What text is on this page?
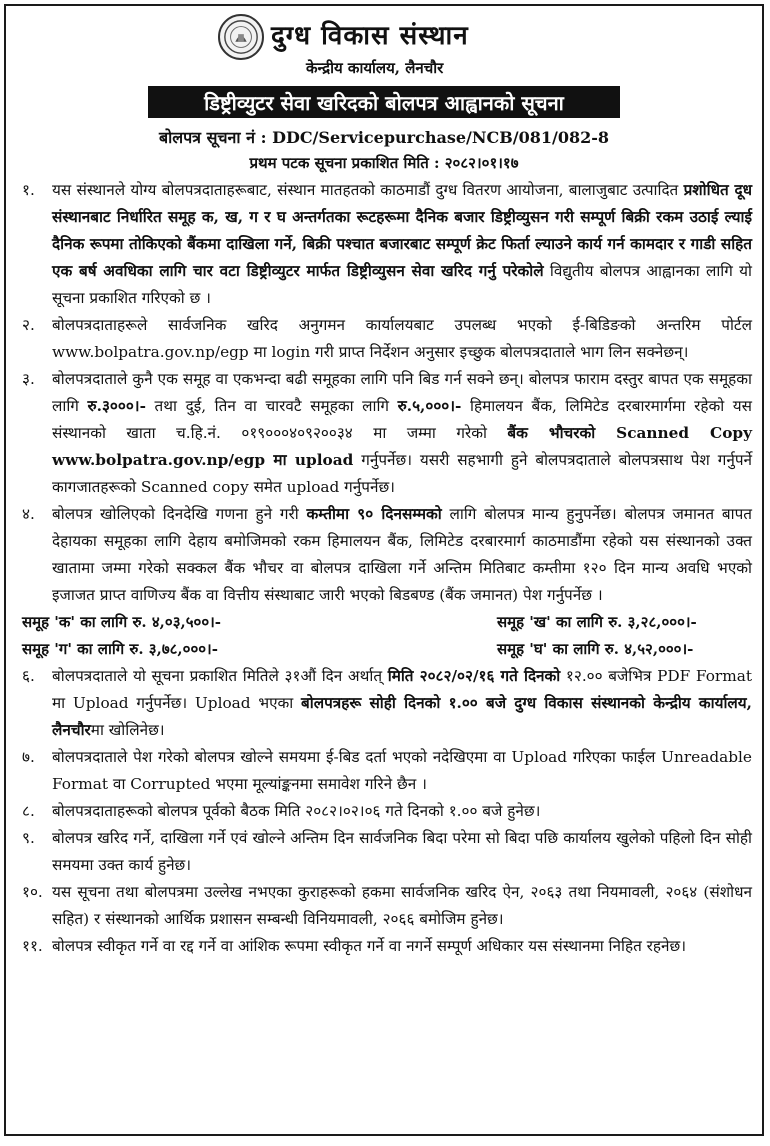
दुग्ध विकास संस्थान
केन्द्रीय कार्यालय, लैनचौर
डिष्ट्रीव्युटर सेवा खरिदको बोलपत्र आह्वानको सूचना
बोलपत्र सूचना नं : DDC/Servicepurchase/NCB/081/082-8
प्रथम पटक सूचना प्रकाशित मिति : २०८२।०१।१७
१.	यस संस्थानले योग्य बोलपत्रदाताहरूबाट, संस्थान मातहतको काठमाडौं दुग्ध वितरण आयोजना, बालाजुबाट उत्पादित प्रशोधित दूध संस्थानबाट निर्धारित समूह क, ख, ग र घ अन्तर्गतका रूटहरूमा दैनिक बजार डिष्ट्रीव्युसन गरी सम्पूर्ण बिक्री रकम उठाई ल्याई दैनिक रूपमा तोकिएको बैंकमा दाखिला गर्ने, बिक्री पश्चात बजारबाट सम्पूर्ण क्रेट फिर्ता ल्याउने कार्य गर्न कामदार र गाडी सहित एक बर्ष अवधिका लागि चार वटा डिष्ट्रीव्युटर मार्फत डिष्ट्रीव्युसन सेवा खरिद गर्नु परेकोले विद्युतीय बोलपत्र आह्वानका लागि यो सूचना प्रकाशित गरिएको छ ।
२.	बोलपत्रदाताहरूले सार्वजनिक खरिद अनुगमन कार्यालयबाट उपलब्ध भएको ई-बिडिङको अन्तरिम पोर्टल www.bolpatra.gov.np/egp मा login गरी प्राप्त निर्देशन अनुसार इच्छुक बोलपत्रदाताले भाग लिन सक्नेछन्।
३.	बोलपत्रदाताले कुनै एक समूह वा एकभन्दा बढी समूहका लागि पनि बिड गर्न सक्ने छन्। बोलपत्र फाराम दस्तुर बापत एक समूहका लागि रु.३०००।- तथा दुई, तिन वा चारवटै समूहका लागि रु.५,०००।- हिमालयन बैंक, लिमिटेड दरबारमार्गमा रहेको यस संस्थानको खाता च.हि.नं. ०१९०००४०९२००३४ मा जम्मा गरेको बैंक भौचरको Scanned Copy www.bolpatra.gov.np/egp मा upload गर्नुपर्नेछ। यसरी सहभागी हुने बोलपत्रदाताले बोलपत्रसाथ पेश गर्नुपर्ने कागजातहरूको Scanned copy समेत upload गर्नुपर्नेछ।
४.	बोलपत्र खोलिएको दिनदेखि गणना हुने गरी कम्तीमा ९० दिनसम्मको लागि बोलपत्र मान्य हुनुपर्नेछ। बोलपत्र जमानत बापत देहायका समूहका लागि देहाय बमोजिमको रकम हिमालयन बैंक, लिमिटेड दरबारमार्ग काठमाडौंमा रहेको यस संस्थानको उक्त खातामा जम्मा गरेको सक्कल बैंक भौचर वा बोलपत्र दाखिला गर्ने अन्तिम मितिबाट कम्तीमा १२० दिन मान्य अवधि भएको इजाजत प्राप्त वाणिज्य बैंक वा वित्तीय संस्थाबाट जारी भएको बिडबण्ड (बैंक जमानत) पेश गर्नुपर्नेछ ।
समूह 'क' का लागि रु. ४,०३,५००।-	समूह 'ख' का लागि रु. ३,२८,०००।-
समूह 'ग' का लागि रु. ३,७८,०००।-	समूह 'घ' का लागि रु. ४,५२,०००।-
६.	बोलपत्रदाताले यो सूचना प्रकाशित मितिले ३१औं दिन अर्थात् मिति २०८२/०२/१६ गते दिनको १२.०० बजेभित्र PDF Format मा Upload गर्नुपर्नेछ। Upload भएका बोलपत्रहरू सोही दिनको १.०० बजे दुग्ध विकास संस्थानको केन्द्रीय कार्यालय, लैनचौरमा खोलिनेछ।
७.	बोलपत्रदाताले पेश गरेको बोलपत्र खोल्ने समयमा ई-बिड दर्ता भएको नदेखिएमा वा Upload गरिएका फाईल Unreadable Format वा Corrupted भएमा मूल्यांङ्कनमा समावेश गरिने छैन ।
८.	बोलपत्रदाताहरूको बोलपत्र पूर्वको बैठक मिति २०८२।०२।०६ गते दिनको १.०० बजे हुनेछ।
९.	बोलपत्र खरिद गर्ने, दाखिला गर्ने एवं खोल्ने अन्तिम दिन सार्वजनिक बिदा परेमा सो बिदा पछि कार्यालय खुलेको पहिलो दिन सोही समयमा उक्त कार्य हुनेछ।
१०. यस सूचना तथा बोलपत्रमा उल्लेख नभएका कुराहरूको हकमा सार्वजनिक खरिद ऐन, २०६३ तथा नियमावली, २०६४ (संशोधन सहित) र संस्थानको आर्थिक प्रशासन सम्बन्धी विनियमावली, २०६६ बमोजिम हुनेछ।
११. बोलपत्र स्वीकृत गर्ने वा रद्द गर्ने वा आंशिक रूपमा स्वीकृत गर्ने वा नगर्ने सम्पूर्ण अधिकार यस संस्थानमा निहित रहनेछ।
